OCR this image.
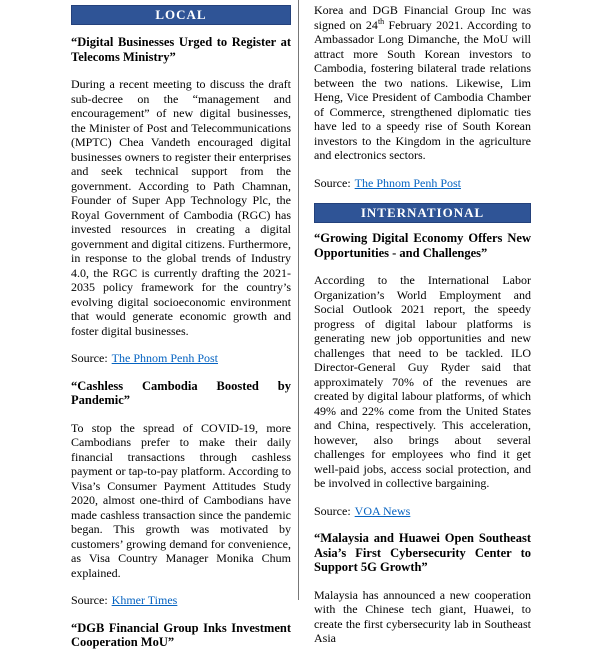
LOCAL
“Digital Businesses Urged to Register at Telecoms Ministry”

During a recent meeting to discuss the draft sub-decree on the “management and encouragement” of new digital businesses, the Minister of Post and Telecommunications (MPTC) Chea Vandeth encouraged digital businesses owners to register their enterprises and seek technical support from the government. According to Path Chamnan, Founder of Super App Technology Plc, the Royal Government of Cambodia (RGC) has invested resources in creating a digital government and digital citizens. Furthermore, in response to the global trends of Industry 4.0, the RGC is currently drafting the 2021-2035 policy framework for the country’s evolving digital socioeconomic environment that would generate economic growth and foster digital businesses.

Source: The Phnom Penh Post

“Cashless Cambodia Boosted by Pandemic”

To stop the spread of COVID-19, more Cambodians prefer to make their daily financial transactions through cashless payment or tap-to-pay platform. According to Visa’s Consumer Payment Attitudes Study 2020, almost one-third of Cambodians have made cashless transaction since the pandemic began. This growth was motivated by customers’ growing demand for convenience, as Visa Country Manager Monika Chum explained.

Source: Khmer Times

“DGB Financial Group Inks Investment Cooperation MoU”

Korea and DGB Financial Group Inc was signed on 24th February 2021. According to Ambassador Long Dimanche, the MoU will attract more South Korean investors to Cambodia, fostering bilateral trade relations between the two nations. Likewise, Lim Heng, Vice President of Cambodia Chamber of Commerce, strengthened diplomatic ties have led to a speedy rise of South Korean investors to the Kingdom in the agriculture and electronics sectors.

Source: The Phnom Penh Post

INTERNATIONAL
“Growing Digital Economy Offers New Opportunities - and Challenges”

According to the International Labor Organization’s World Employment and Social Outlook 2021 report, the speedy progress of digital labour platforms is generating new job opportunities and new challenges that need to be tackled. ILO Director-General Guy Ryder said that approximately 70% of the revenues are created by digital labour platforms, of which 49% and 22% come from the United States and China, respectively. This acceleration, however, also brings about several challenges for employees who find it get well-paid jobs, access social protection, and be involved in collective bargaining.

Source: VOA News

“Malaysia and Huawei Open Southeast Asia’s First Cybersecurity Center to Support 5G Growth”

Malaysia has announced a new cooperation with the Chinese tech giant, Huawei, to create the first cybersecurity lab in Southeast Asia
